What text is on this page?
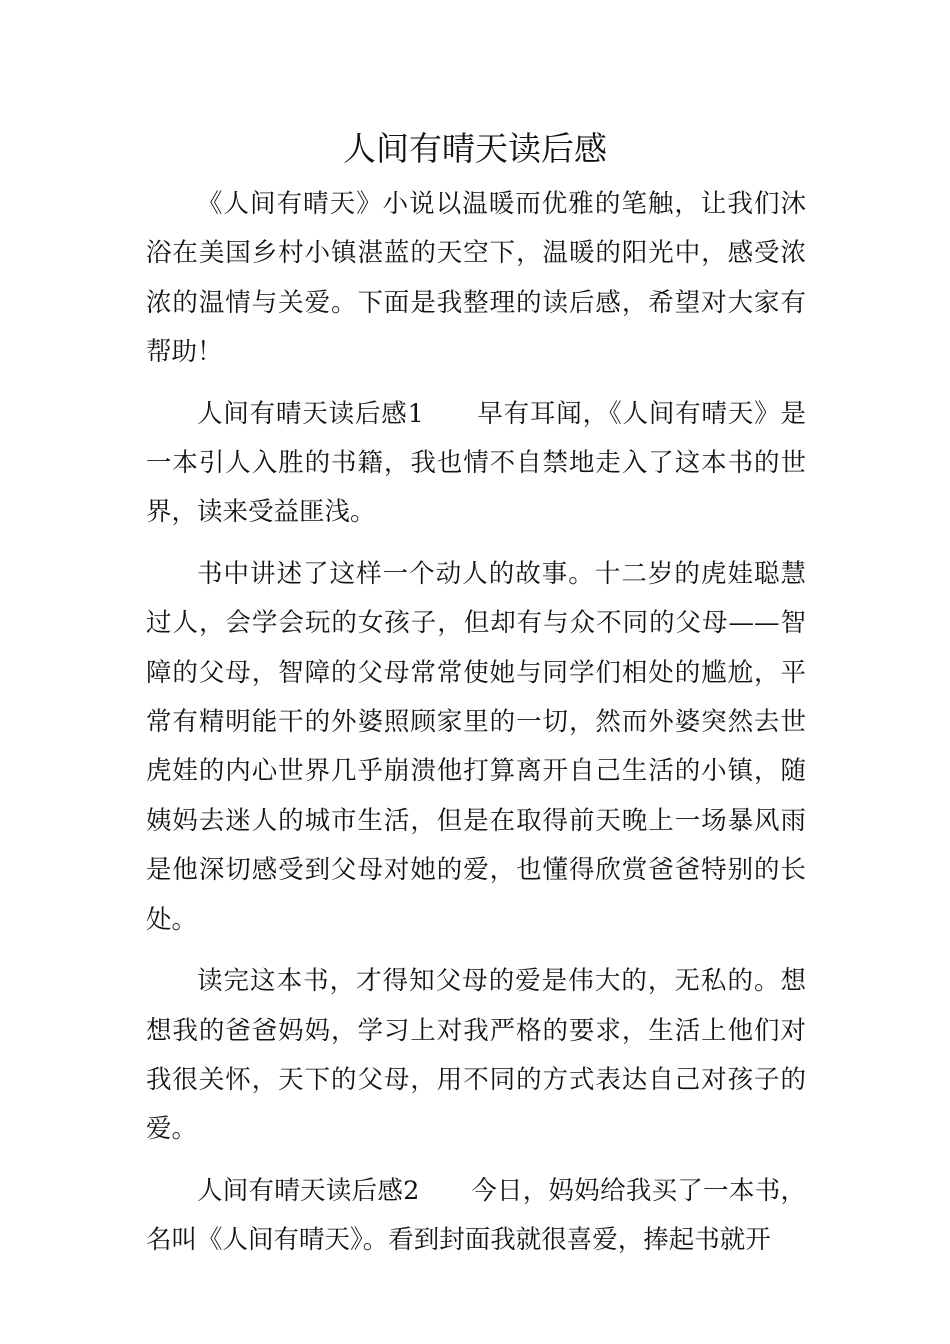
人间有晴天读后感

《人间有晴天》小说以温暖而优雅的笔触，让我们沐浴在美国乡村小镇湛蓝的天空下，温暖的阳光中，感受浓浓的温情与关爱。下面是我整理的读后感，希望对大家有帮助！

人间有晴天读后感1　　早有耳闻，《人间有晴天》是一本引人入胜的书籍，我也情不自禁地走入了这本书的世界，读来受益匪浅。

书中讲述了这样一个动人的故事。十二岁的虎娃聪慧过人，会学会玩的女孩子，但却有与众不同的父母——智障的父母，智障的父母常常使她与同学们相处的尴尬，平常有精明能干的外婆照顾家里的一切，然而外婆突然去世虎娃的内心世界几乎崩溃他打算离开自己生活的小镇，随姨妈去迷人的城市生活，但是在取得前天晚上一场暴风雨是他深切感受到父母对她的爱，也懂得欣赏爸爸特别的长处。

读完这本书，才得知父母的爱是伟大的，无私的。想想我的爸爸妈妈，学习上对我严格的要求，生活上他们对我很关怀，天下的父母，用不同的方式表达自己对孩子的爱。

人间有晴天读后感2　　今日，妈妈给我买了一本书，名叫《人间有晴天》。看到封面我就很喜爱，捧起书就开
